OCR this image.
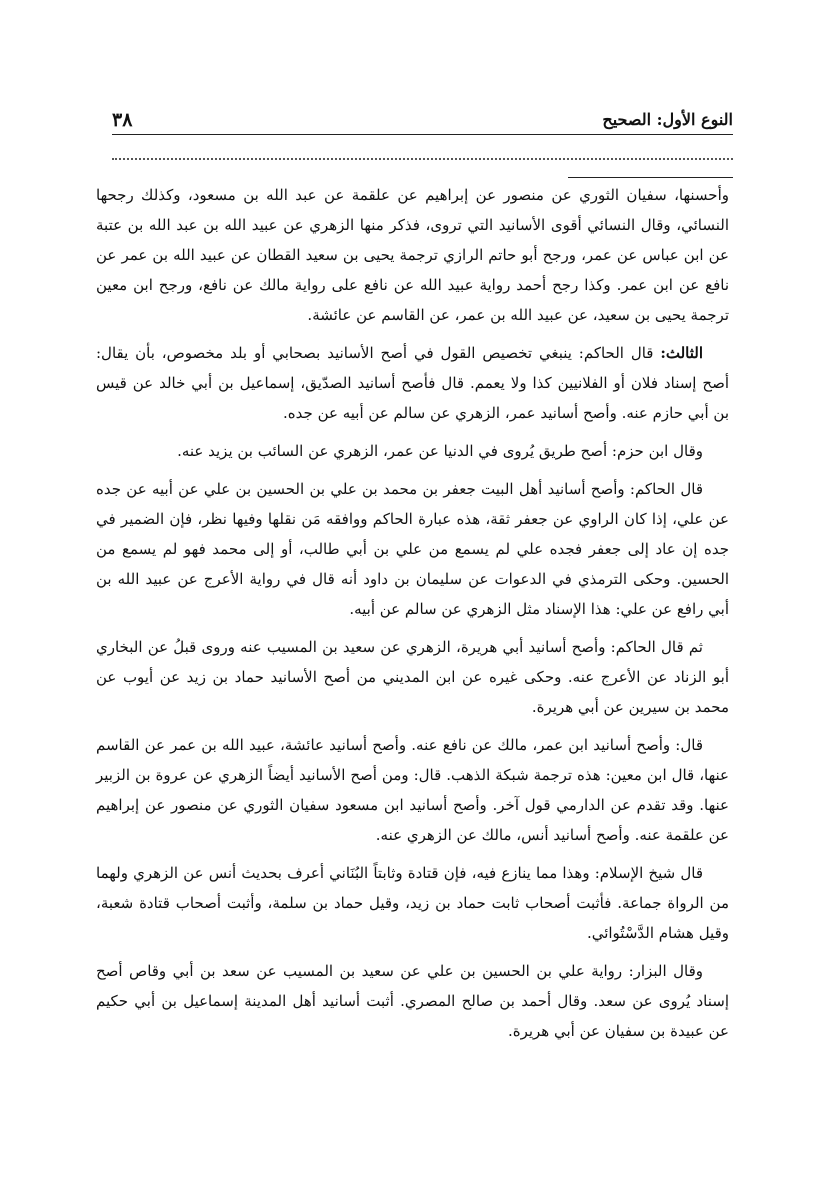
النوع الأول: الصحيح
٣٨

وأحسنها، سفيان الثوري عن منصور عن إبراهيم عن علقمة عن عبد الله بن مسعود، وكذلك رجحها النسائي، وقال النسائي أقوى الأسانيد التي تروى، فذكر منها الزهري عن عبيد الله بن عبد الله بن عتبة عن ابن عباس عن عمر، ورجح أبو حاتم الرازي ترجمة يحيى بن سعيد القطان عن عبيد الله بن عمر عن نافع عن ابن عمر. وكذا رجح أحمد رواية عبيد الله عن نافع على رواية مالك عن نافع، ورجح ابن معين ترجمة يحيى بن سعيد، عن عبيد الله بن عمر، عن القاسم عن عائشة.

الثالث: قال الحاكم: ينبغي تخصيص القول في أصح الأسانيد بصحابي أو بلد مخصوص، بأن يقال: أصح إسناد فلان أو الفلانيين كذا ولا يعمم. قال فأصح أسانيد الصدّيق، إسماعيل بن أبي خالد عن قيس بن أبي حازم عنه. وأصح أسانيد عمر، الزهري عن سالم عن أبيه عن جده.

وقال ابن حزم: أصح طريق يُروى في الدنيا عن عمر، الزهري عن السائب بن يزيد عنه.

قال الحاكم: وأصح أسانيد أهل البيت جعفر بن محمد بن علي بن الحسين بن علي عن أبيه عن جده عن علي، إذا كان الراوي عن جعفر ثقة، هذه عبارة الحاكم ووافقه مَن نقلها وفيها نظر، فإن الضمير في جده إن عاد إلى جعفر فجده علي لم يسمع من علي بن أبي طالب، أو إلى محمد فهو لم يسمع من الحسين. وحكى الترمذي في الدعوات عن سليمان بن داود أنه قال في رواية الأعرج عن عبيد الله بن أبي رافع عن علي: هذا الإسناد مثل الزهري عن سالم عن أبيه.

ثم قال الحاكم: وأصح أسانيد أبي هريرة، الزهري عن سعيد بن المسيب عنه وروى قبلُ عن البخاري أبو الزناد عن الأعرج عنه. وحكى غيره عن ابن المديني من أصح الأسانيد حماد بن زيد عن أيوب عن محمد بن سيرين عن أبي هريرة.

قال: وأصح أسانيد ابن عمر، مالك عن نافع عنه. وأصح أسانيد عائشة، عبيد الله بن عمر عن القاسم عنها، قال ابن معين: هذه ترجمة شبكة الذهب. قال: ومن أصح الأسانيد أيضاً الزهري عن عروة بن الزبير عنها. وقد تقدم عن الدارمي قول آخر. وأصح أسانيد ابن مسعود سفيان الثوري عن منصور عن إبراهيم عن علقمة عنه. وأصح أسانيد أنس، مالك عن الزهري عنه.

قال شيخ الإسلام: وهذا مما ينازع فيه، فإن قتادة وثابتاً البُنَاني أعرف بحديث أنس عن الزهري ولهما من الرواة جماعة. فأثبت أصحاب ثابت حماد بن زيد، وقيل حماد بن سلمة، وأثبت أصحاب قتادة شعبة، وقيل هشام الدَّسْتُوائي.

وقال البزار: رواية علي بن الحسين بن علي عن سعيد بن المسيب عن سعد بن أبي وقاص أصح إسناد يُروى عن سعد. وقال أحمد بن صالح المصري. أثبت أسانيد أهل المدينة إسماعيل بن أبي حكيم عن عبيدة بن سفيان عن أبي هريرة.
